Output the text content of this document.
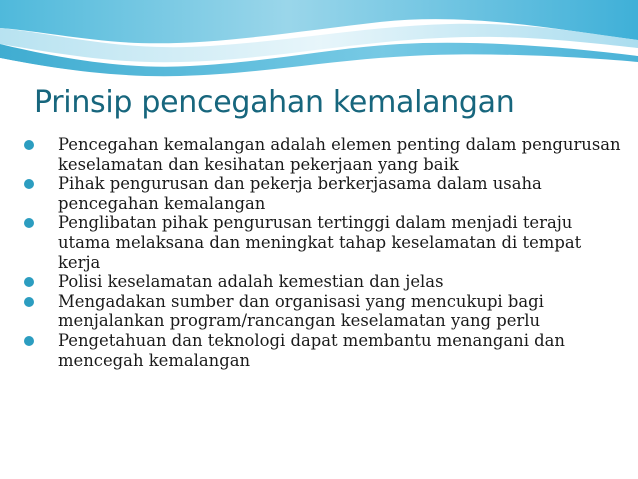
Prinsip pencegahan kemalangan
Pencegahan kemalangan adalah elemen penting dalam pengurusan keselamatan dan kesihatan pekerjaan yang baik
Pihak pengurusan dan pekerja berkerjasama dalam usaha pencegahan kemalangan
Penglibatan pihak pengurusan tertinggi dalam menjadi teraju utama melaksana dan meningkat tahap keselamatan di tempat kerja
Polisi keselamatan adalah kemestian dan jelas
Mengadakan sumber dan organisasi yang mencukupi bagi menjalankan program/rancangan keselamatan yang perlu
Pengetahuan dan teknologi dapat membantu menangani dan mencegah kemalangan
